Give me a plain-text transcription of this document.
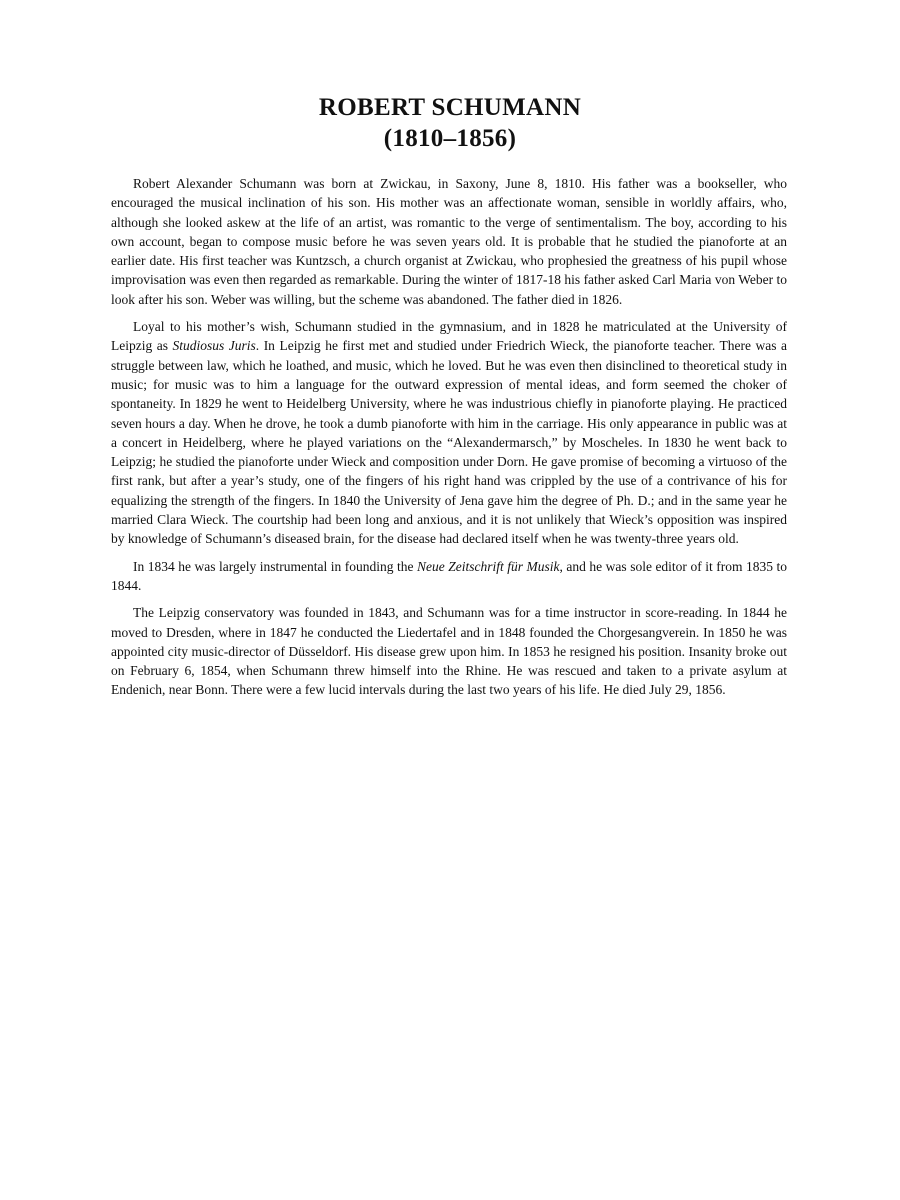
ROBERT SCHUMANN
(1810–1856)

Robert Alexander Schumann was born at Zwickau, in Saxony, June 8, 1810. His father was a bookseller, who encouraged the musical inclination of his son. His mother was an affectionate woman, sensible in worldly affairs, who, although she looked askew at the life of an artist, was romantic to the verge of sentimentalism. The boy, according to his own account, began to compose music before he was seven years old. It is probable that he studied the pianoforte at an earlier date. His first teacher was Kuntzsch, a church organist at Zwickau, who prophesied the greatness of his pupil whose improvisation was even then regarded as remarkable. During the winter of 1817-18 his father asked Carl Maria von Weber to look after his son. Weber was willing, but the scheme was abandoned. The father died in 1826.

Loyal to his mother’s wish, Schumann studied in the gymnasium, and in 1828 he matriculated at the University of Leipzig as Studiosus Juris. In Leipzig he first met and studied under Friedrich Wieck, the pianoforte teacher. There was a struggle between law, which he loathed, and music, which he loved. But he was even then disinclined to theoretical study in music; for music was to him a language for the outward expression of mental ideas, and form seemed the choker of spontaneity. In 1829 he went to Heidelberg University, where he was industrious chiefly in pianoforte playing. He practiced seven hours a day. When he drove, he took a dumb pianoforte with him in the carriage. His only appearance in public was at a concert in Heidelberg, where he played variations on the “Alexandermarsch,” by Moscheles. In 1830 he went back to Leipzig; he studied the pianoforte under Wieck and composition under Dorn. He gave promise of becoming a virtuoso of the first rank, but after a year’s study, one of the fingers of his right hand was crippled by the use of a contrivance of his for equalizing the strength of the fingers. In 1840 the University of Jena gave him the degree of Ph. D.; and in the same year he married Clara Wieck. The courtship had been long and anxious, and it is not unlikely that Wieck’s opposition was inspired by knowledge of Schumann’s diseased brain, for the disease had declared itself when he was twenty-three years old.

In 1834 he was largely instrumental in founding the Neue Zeitschrift für Musik, and he was sole editor of it from 1835 to 1844.

The Leipzig conservatory was founded in 1843, and Schumann was for a time instructor in score-reading. In 1844 he moved to Dresden, where in 1847 he conducted the Liedertafel and in 1848 founded the Chorgesangverein. In 1850 he was appointed city music-director of Düsseldorf. His disease grew upon him. In 1853 he resigned his position. Insanity broke out on February 6, 1854, when Schumann threw himself into the Rhine. He was rescued and taken to a private asylum at Endenich, near Bonn. There were a few lucid intervals during the last two years of his life. He died July 29, 1856.
